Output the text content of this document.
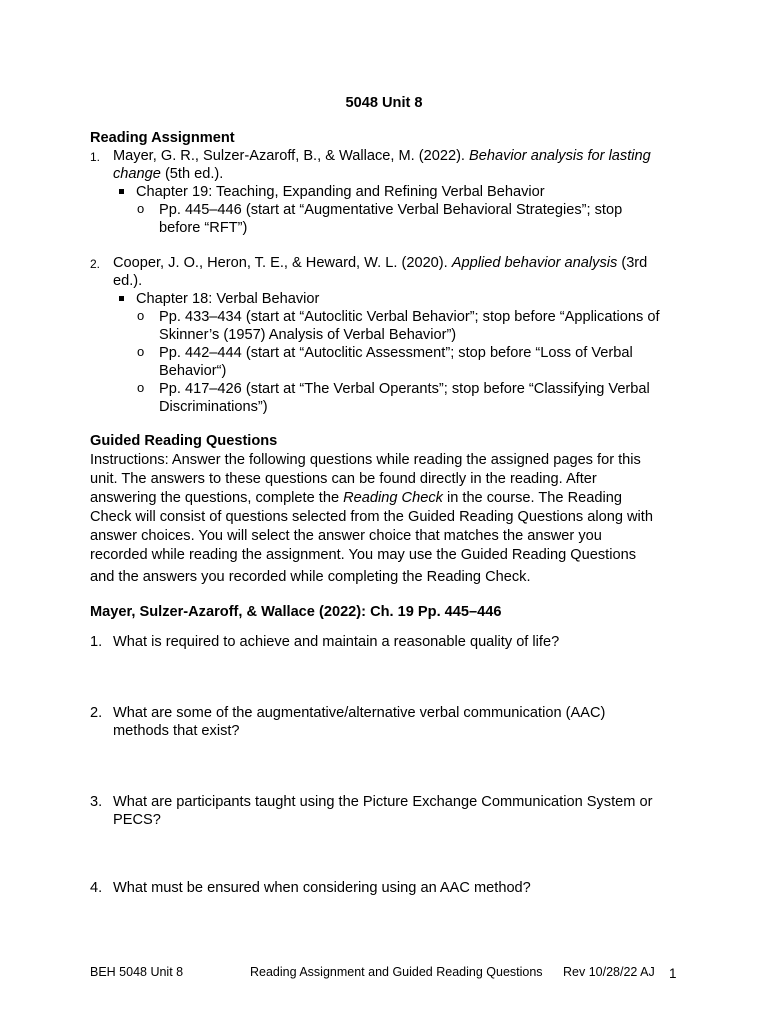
5048 Unit 8
Reading Assignment
1. Mayer, G. R., Sulzer-Azaroff, B., & Wallace, M. (2022). Behavior analysis for lasting
change (5th ed.).
Chapter 19: Teaching, Expanding and Refining Verbal Behavior
o Pp. 445–446 (start at “Augmentative Verbal Behavioral Strategies”; stop
before “RFT”)
2. Cooper, J. O., Heron, T. E., & Heward, W. L. (2020). Applied behavior analysis (3rd
ed.).
Chapter 18: Verbal Behavior
o Pp. 433–434 (start at “Autoclitic Verbal Behavior”; stop before “Applications of
Skinner’s (1957) Analysis of Verbal Behavior”)
o Pp. 442–444 (start at “Autoclitic Assessment”; stop before “Loss of Verbal
Behavior“)
o Pp. 417–426 (start at “The Verbal Operants”; stop before “Classifying Verbal
Discriminations”)
Guided Reading Questions
Instructions: Answer the following questions while reading the assigned pages for this
unit. The answers to these questions can be found directly in the reading. After
answering the questions, complete the Reading Check in the course. The Reading
Check will consist of questions selected from the Guided Reading Questions along with
answer choices. You will select the answer choice that matches the answer you
recorded while reading the assignment. You may use the Guided Reading Questions
and the answers you recorded while completing the Reading Check.
Mayer, Sulzer-Azaroff, & Wallace (2022): Ch. 19 Pp. 445–446
1. What is required to achieve and maintain a reasonable quality of life?
2. What are some of the augmentative/alternative verbal communication (AAC)
methods that exist?
3. What are participants taught using the Picture Exchange Communication System or
PECS?
4. What must be ensured when considering using an AAC method?
BEH 5048 Unit 8	Reading Assignment and Guided Reading Questions Rev 10/28/22 AJ 1
